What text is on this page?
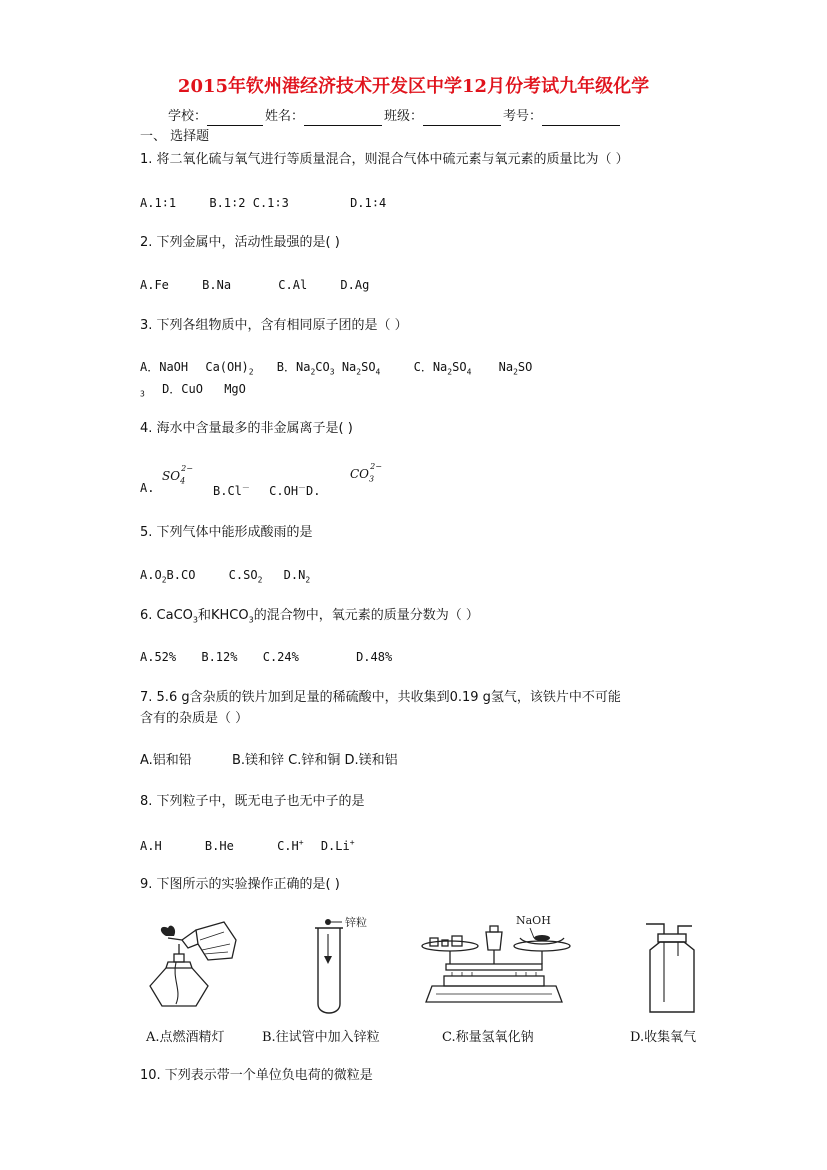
2015年钦州港经济技术开发区中学12月份考试九年级化学
学校：	姓名：	班级：	考号：
一、 选择题
1. 将二氧化硫与氧气进行等质量混合，则混合气体中硫元素与氧元素的质量比为（ ）
A.1∶1	B.1∶2 C.1∶3	D.1∶4
2. 下列金属中，活动性最强的是( )
A.Fe	B.Na	C.Al	D.Ag
3. 下列各组物质中，含有相同原子团的是（ ）
A．NaOH $Ca(OH)_2$ B．$Na_2CO_3$ $Na_2SO_4$	C．$Na_2SO_4$ $Na_2SO$
$_3$ D．CuO MgO
4. 海水中含量最多的非金属离子是( )
A.
$SO_4^{2-}$
B.Cl－ C.OH－D.
$CO_3^{2-}$
5. 下列气体中能形成酸雨的是
$A.O_2B.CO$	$C.SO_2$ $D.N_2$
6. CaCO$_3$和$KHCO_3$的混合物中，氧元素的质量分数为（ ）
A.52% B.12% C.24%	D.48%
7. 5.6 g含杂质的铁片加到足量的稀硫酸中，共收集到0.19 g氢气，该铁片中不可能
含有的杂质是（ ）
A.铝和铅	B.镁和锌 C.锌和铜 D.镁和铝
8. 下列粒子中，既无电子也无中子的是
A.H	B.He	C.H+ D.Li+
9. 下图所示的实验操作正确的是( )
A.点燃酒精灯
锌粒
B.往试管中加入锌粒
NaOH
C.称量氢氧化钠	D.收集氧气
10. 下列表示带一个单位负电荷的微粒是
